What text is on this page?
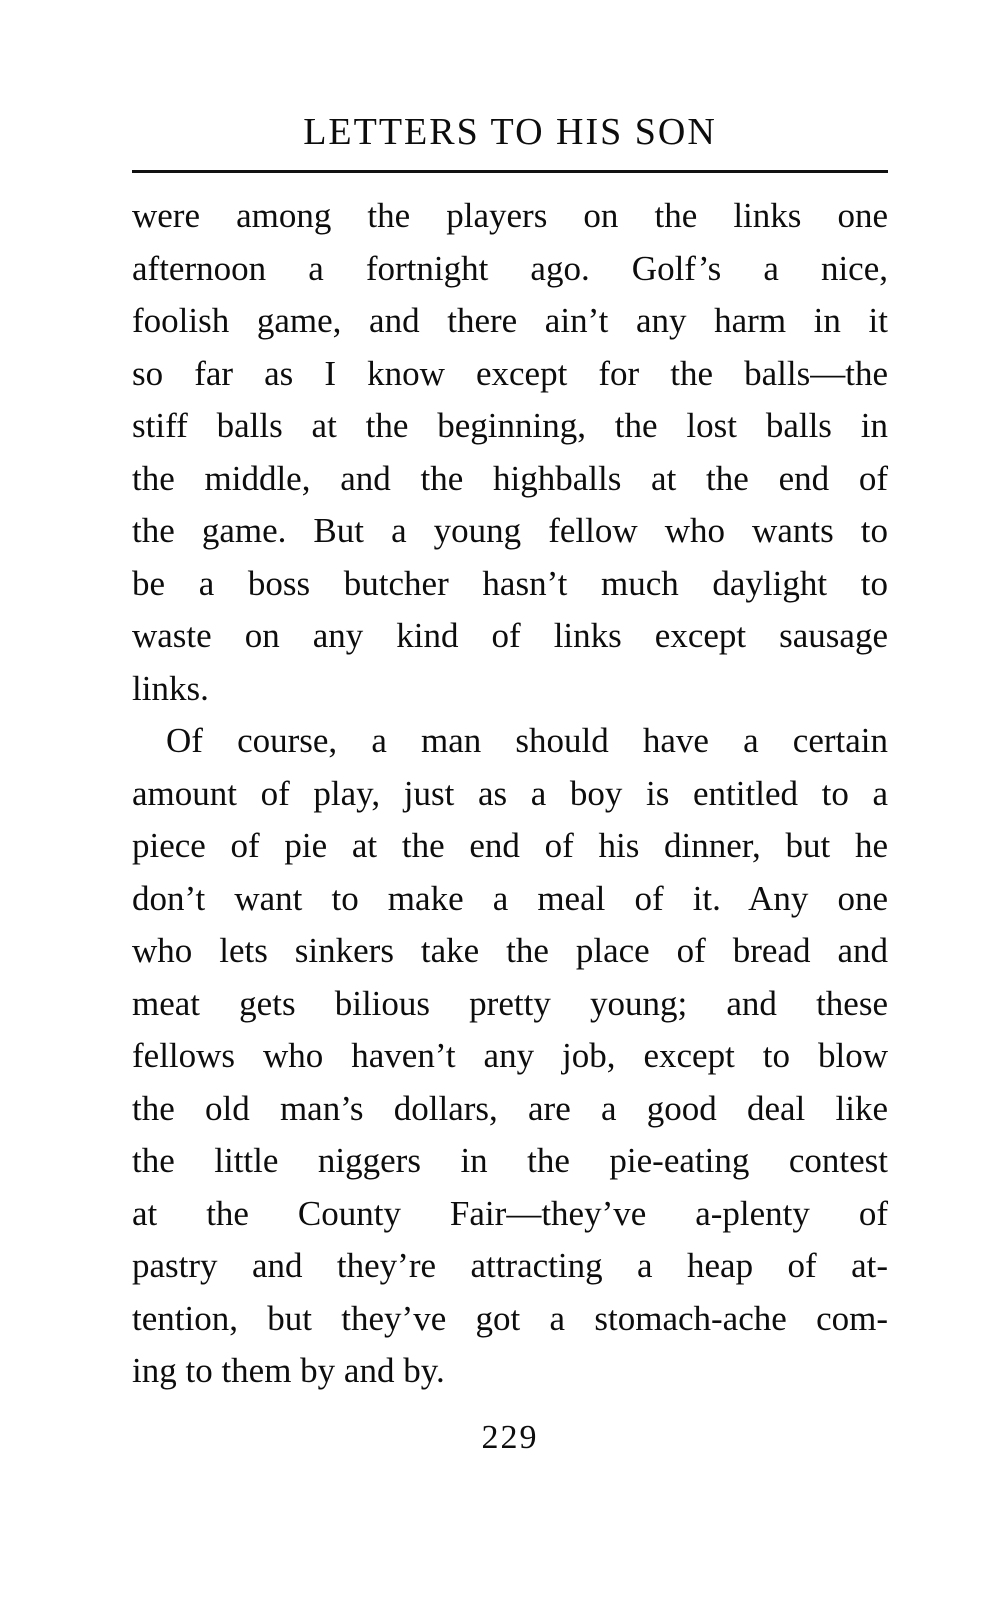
LETTERS TO HIS SON
were among the players on the links one
afternoon a fortnight ago. Golf’s a nice,
foolish game, and there ain’t any harm in it
so far as I know except for the balls—the
stiff balls at the beginning, the lost balls in
the middle, and the highballs at the end of
the game. But a young fellow who wants to
be a boss butcher hasn’t much daylight to
waste on any kind of links except sausage
links.
Of course, a man should have a certain
amount of play, just as a boy is entitled to a
piece of pie at the end of his dinner, but he
don’t want to make a meal of it. Any one
who lets sinkers take the place of bread and
meat gets bilious pretty young; and these
fellows who haven’t any job, except to blow
the old man’s dollars, are a good deal like
the little niggers in the pie-eating contest
at the County Fair—they’ve a-plenty of
pastry and they’re attracting a heap of at-
tention, but they’ve got a stomach-ache com-
ing to them by and by.
229
